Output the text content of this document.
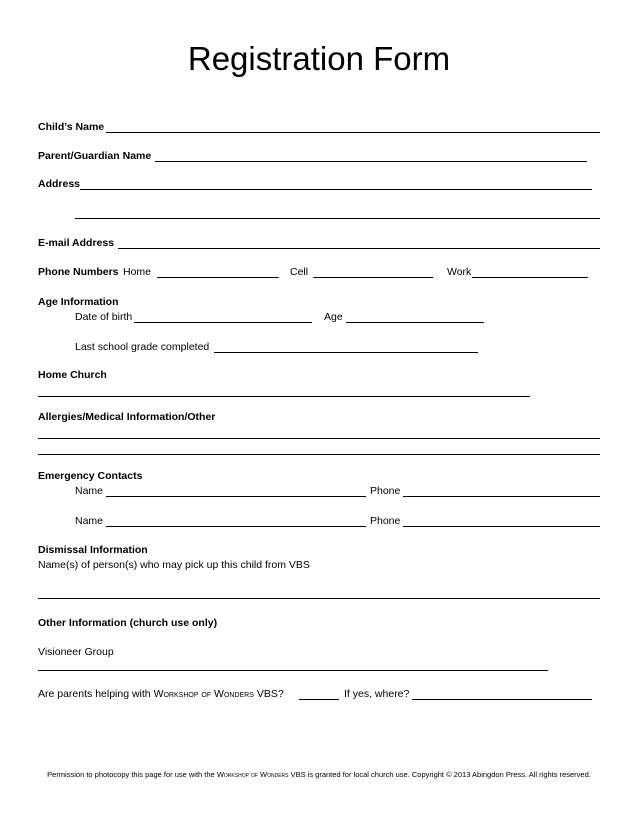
Registration Form
Child’s Name
Parent/Guardian Name
Address
E-mail Address
Phone Numbers Home	Cell	Work
Age Information
Date of birth	Age
Last school grade completed
Home Church
Allergies/Medical Information/Other
Emergency Contacts
Name	Phone
Name	Phone
Dismissal Information
Name(s) of person(s) who may pick up this child from VBS
Other Information (church use only)
Visioneer Group
Are parents helping with Workshop of Wonders VBS?	If yes, where?
Permission to photocopy this page for use with the Workshop of Wonders VBS is granted for local church use. Copyright © 2013 Abingdon Press. All rights reserved.
